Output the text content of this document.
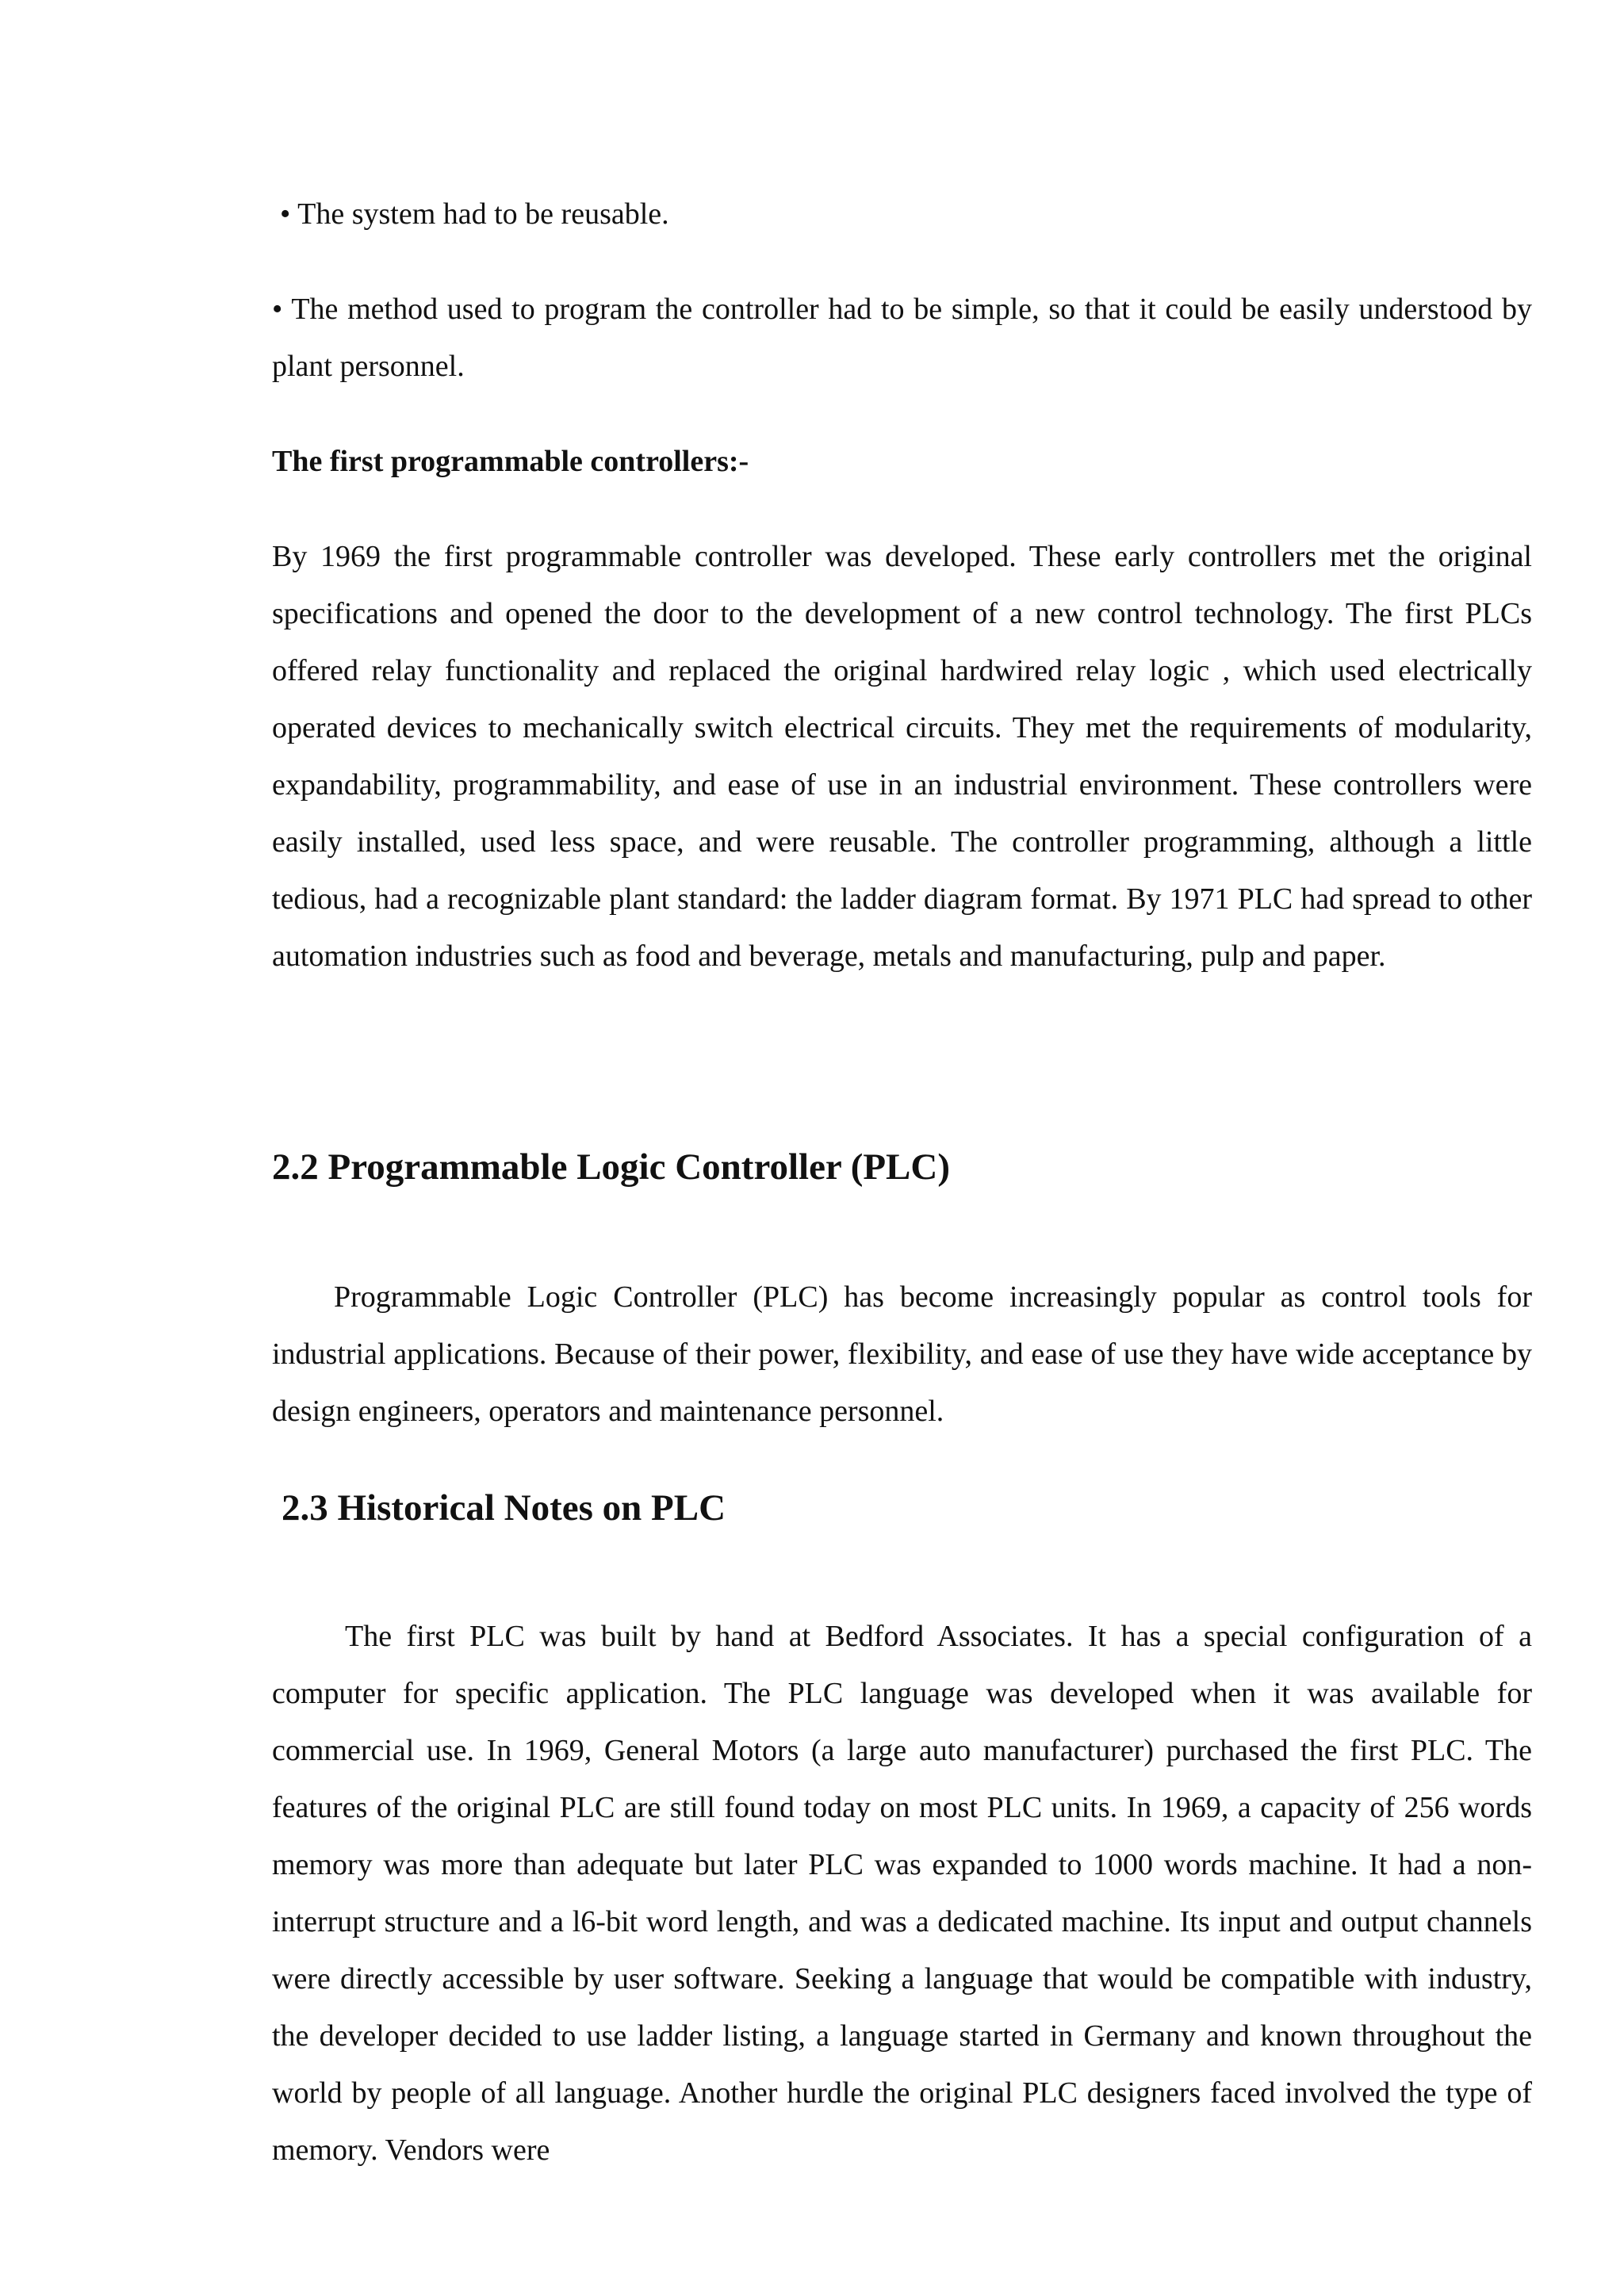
• The system had to be reusable.

• The method used to program the controller had to be simple, so that it could be easily understood by plant personnel.

The first programmable controllers:-

By 1969 the first programmable controller was developed. These early controllers met the original specifications and opened the door to the development of a new control technology. The first PLCs offered relay functionality and replaced the original hardwired relay logic , which used electrically operated devices to mechanically switch electrical circuits. They met the requirements of modularity, expandability, programmability, and ease of use in an industrial environment. These controllers were easily installed, used less space, and were reusable. The controller programming, although a little tedious, had a recognizable plant standard: the ladder diagram format. By 1971 PLC had spread to other automation industries such as food and beverage, metals and manufacturing, pulp and paper.

2.2 Programmable Logic Controller (PLC)

Programmable Logic Controller (PLC) has become increasingly popular as control tools for industrial applications. Because of their power, flexibility, and ease of use they have wide acceptance by design engineers, operators and maintenance personnel.

2.3 Historical Notes on PLC

The first PLC was built by hand at Bedford Associates. It has a special configuration of a computer for specific application. The PLC language was developed when it was available for commercial use. In 1969, General Motors (a large auto manufacturer) purchased the first PLC. The features of the original PLC are still found today on most PLC units. In 1969, a capacity of 256 words memory was more than adequate but later PLC was expanded to 1000 words machine. It had a non-interrupt structure and a l6-bit word length, and was a dedicated machine. Its input and output channels were directly accessible by user software. Seeking a language that would be compatible with industry, the developer decided to use ladder listing, a language started in Germany and known throughout the world by people of all language. Another hurdle the original PLC designers faced involved the type of memory. Vendors were
